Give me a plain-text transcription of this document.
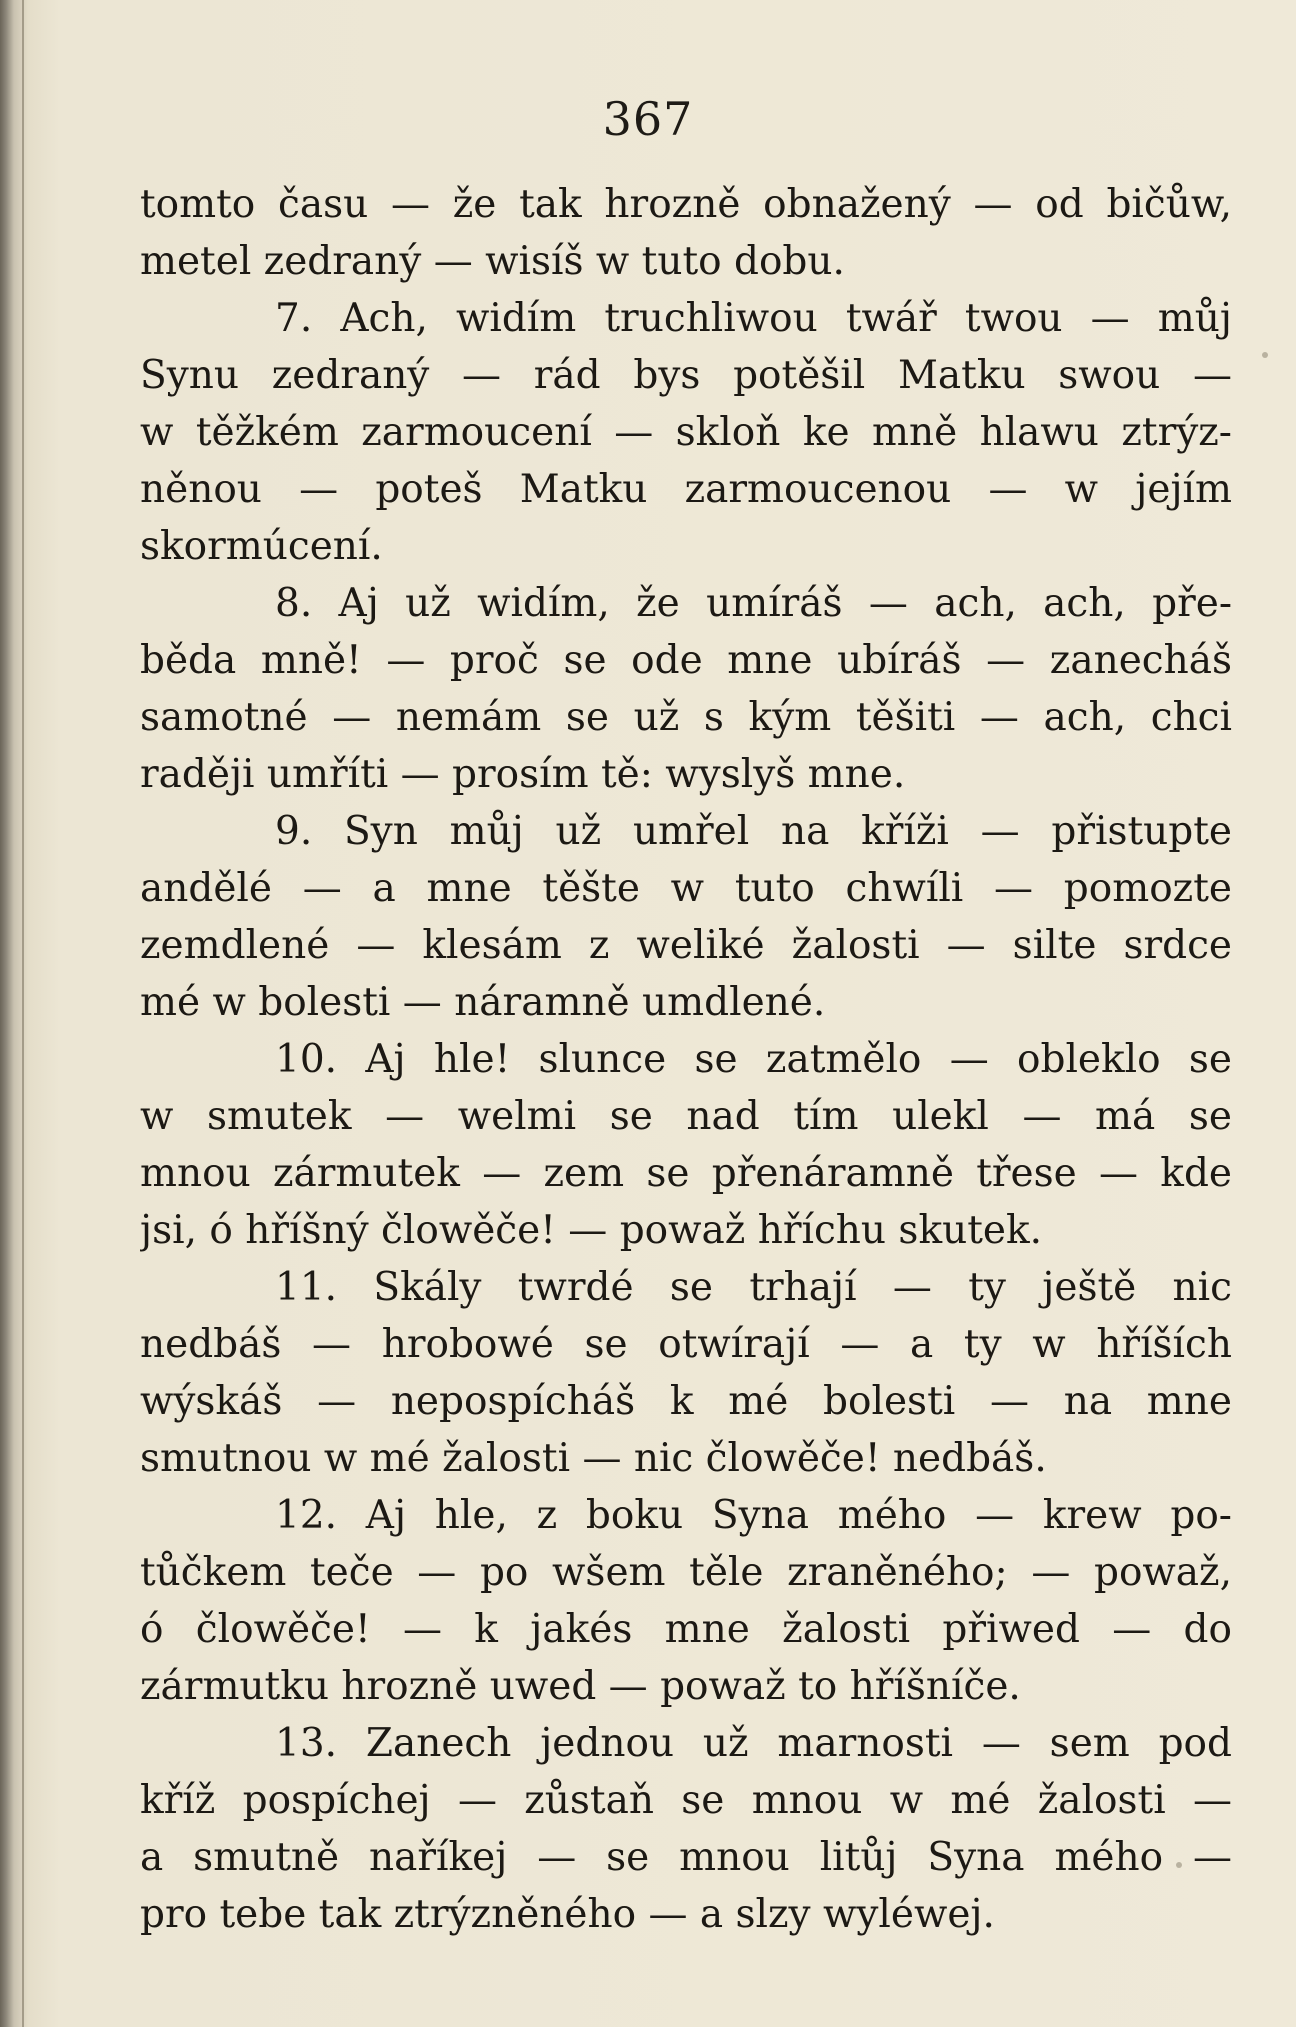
367
tomto času — že tak hrozně obnažený — od bičůw,
metel zedraný — wisíš w tuto dobu.
7. Ach, widím truchliwou twář twou — můj
Synu zedraný — rád bys potěšil Matku swou —
w těžkém zarmoucení — skloň ke mně hlawu ztrýz-
něnou — poteš Matku zarmoucenou — w jejím
skormúcení.
8. Aj už widím, že umíráš — ach, ach, pře-
běda mně! — proč se ode mne ubíráš — zanecháš
samotné — nemám se už s kým těšiti — ach, chci
raději umříti — prosím tě: wyslyš mne.
9. Syn můj už umřel na kříži — přistupte
andělé — a mne těšte w tuto chwíli — pomozte
zemdlené — klesám z weliké žalosti — silte srdce
mé w bolesti — náramně umdlené.
10. Aj hle! slunce se zatmělo — obleklo se
w smutek — welmi se nad tím ulekl — má se
mnou zármutek — zem se přenáramně třese — kde
jsi, ó hříšný člowěče! — powaž hříchu skutek.
11. Skály twrdé se trhají — ty ještě nic
nedbáš — hrobowé se otwírají — a ty w hříších
wýskáš — nepospícháš k mé bolesti — na mne
smutnou w mé žalosti — nic člowěče! nedbáš.
12. Aj hle, z boku Syna mého — krew po-
tůčkem teče — po wšem těle zraněného; — powaž,
ó člowěče! — k jakés mne žalosti přiwed — do
zármutku hrozně uwed — powaž to hříšníče.
13. Zanech jednou už marnosti — sem pod
kříž pospíchej — zůstaň se mnou w mé žalosti —
a smutně naříkej — se mnou litůj Syna mého —
pro tebe tak ztrýzněného — a slzy wyléwej.
